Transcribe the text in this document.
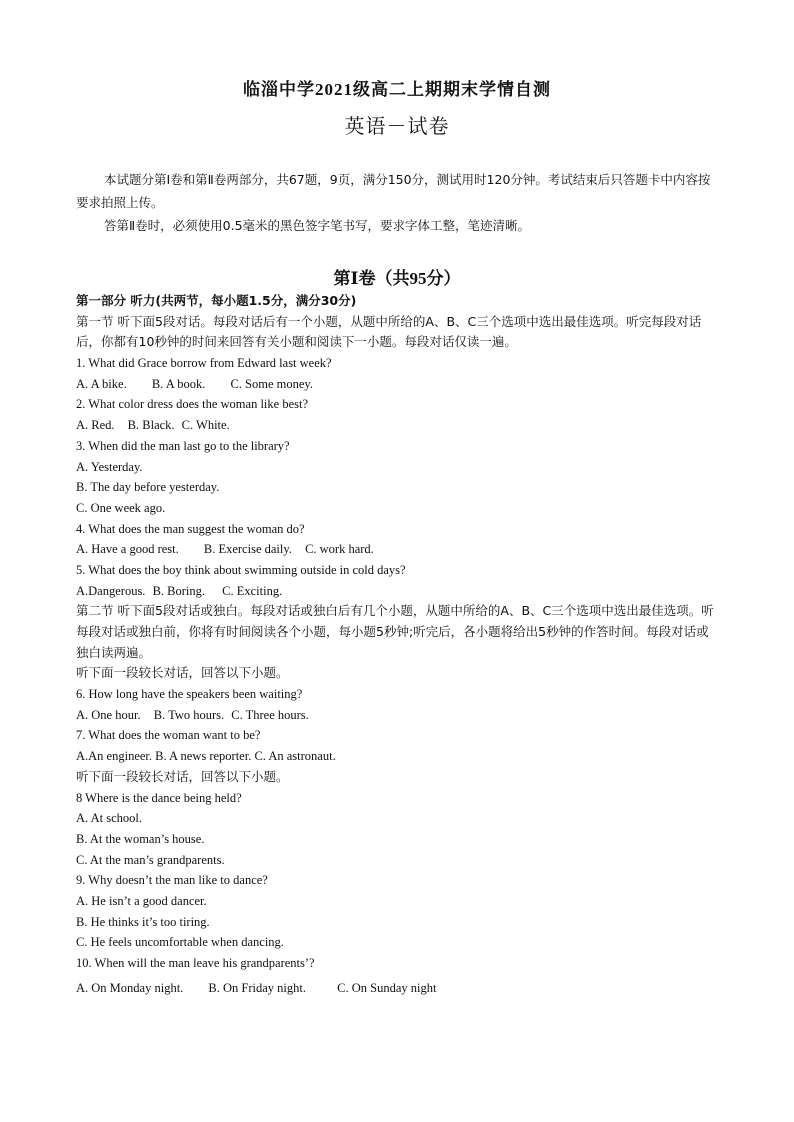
临淄中学2021级高二上期期末学情自测
英语－试卷

本试题分第Ⅰ卷和第Ⅱ卷两部分，共67题，9页，满分150分，测试用时120分钟。考试结束后只答题卡中内容按要求拍照上传。

答第Ⅱ卷时，必须使用0.5毫米的黑色签字笔书写，要求字体工整，笔迹清晰。

第Ⅰ卷（共95分）
第一部分 听力(共两节，每小题1.5分，满分30分)
第一节 听下面5段对话。每段对话后有一个小题，从题中所给的A、B、C三个选项中选出最佳选项。听完每段对话后，你都有10秒钟的时间来回答有关小题和阅读下一小题。每段对话仅读一遍。
1. What did Grace borrow from Edward last week?
A. A bike. B. A book. C. Some money.
2. What color dress does the woman like best?
A. Red. B. Black. C. White.
3. When did the man last go to the library?
A. Yesterday.
B. The day before yesterday.
C. One week ago.
4. What does the man suggest the woman do?
A. Have a good rest. B. Exercise daily. C. work hard.
5. What does the boy think about swimming outside in cold days?
A.Dangerous. B. Boring. C. Exciting.
第二节 听下面5段对话或独白。每段对话或独白后有几个小题，从题中所给的A、B、C三个选项中选出最佳选项。听每段对话或独白前，你将有时间阅读各个小题，每小题5秒钟;听完后，各小题将给出5秒钟的作答时间。每段对话或独白读两遍。
听下面一段较长对话，回答以下小题。
6. How long have the speakers been waiting?
A. One hour. B. Two hours. C. Three hours.
7. What does the woman want to be?
A.An engineer. B. A news reporter. C. An astronaut.
听下面一段较长对话，回答以下小题。
8 Where is the dance being held?
A. At school.
B. At the woman’s house.
C. At the man’s grandparents.
9. Why doesn’t the man like to dance?
A. He isn’t a good dancer.
B. He thinks it’s too tiring.
C. He feels uncomfortable when dancing.
10. When will the man leave his grandparents’?
A. On Monday night. B. On Friday night. C. On Sunday night
